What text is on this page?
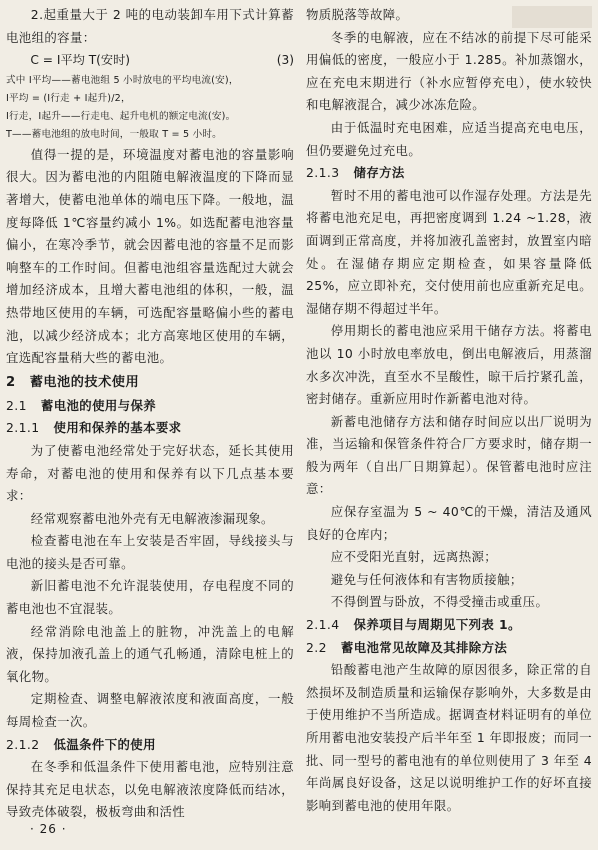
2.起重量大于 2 吨的电动装卸车用下式计算蓄电池组的容量：

C = I平均 T(安时)	(3)

式中 I平均——蓄电池组 5 小时放电的平均电流(安)，

I平均 = (I行走 + I起升)/2，

I行走，I起升——行走电、起升电机的额定电流(安)。

T——蓄电池组的放电时间，一般取 T = 5 小时。

值得一提的是，环境温度对蓄电池的容量影响很大。因为蓄电池的内阻随电解液温度的下降而显著增大，使蓄电池单体的端电压下降。一般地，温度每降低 1℃容量约减小 1%。如选配蓄电池容量偏小，在寒冷季节，就会因蓄电池的容量不足而影响整车的工作时间。但蓄电池组容量选配过大就会增加经济成本，且增大蓄电池组的体积，一般，温热带地区使用的车辆，可选配容量略偏小些的蓄电池，以减少经济成本；北方高寒地区使用的车辆，宜选配容量稍大些的蓄电池。

2 蓄电池的技术使用
2.1 蓄电池的使用与保养
2.1.1 使用和保养的基本要求

为了使蓄电池经常处于完好状态，延长其使用寿命，对蓄电池的使用和保养有以下几点基本要求：

经常观察蓄电池外壳有无电解液渗漏现象。

检查蓄电池在车上安装是否牢固，导线接头与电池的接头是否可靠。

新旧蓄电池不允许混装使用，存电程度不同的蓄电池也不宜混装。

经常消除电池盖上的脏物，冲洗盖上的电解液，保持加液孔盖上的通气孔畅通，清除电桩上的氧化物。

定期检查、调整电解液浓度和液面高度，一般每周检查一次。

2.1.2 低温条件下的使用

在冬季和低温条件下使用蓄电池，应特别注意保持其充足电状态，以免电解液浓度降低而结冰，导致壳体破裂，极板弯曲和活性

物质脱落等故障。

冬季的电解液，应在不结冰的前提下尽可能采用偏低的密度，一般应小于 1.285。补加蒸馏水，应在充电末期进行（补水应暂停充电），使水较快和电解液混合，减少冰冻危险。

由于低温时充电困难，应适当提高充电电压，但仍要避免过充电。

2.1.3 储存方法

暂时不用的蓄电池可以作湿存处理。方法是先将蓄电池充足电，再把密度调到 1.24 ~1.28，液面调到正常高度，并将加液孔盖密封，放置室内暗处。在湿储存期应定期检查，如果容量降低 25%，应立即补充，交付使用前也应重新充足电。湿储存期不得超过半年。

停用期长的蓄电池应采用干储存方法。将蓄电池以 10 小时放电率放电，倒出电解液后，用蒸溜水多次冲洗，直至水不呈酸性，晾干后拧紧孔盖，密封储存。重新应用时作新蓄电池对待。

新蓄电池储存方法和储存时间应以出厂说明为准，当运输和保管条件符合厂方要求时，储存期一般为两年（自出厂日期算起）。保管蓄电池时应注意：

应保存室温为 5 ~ 40℃的干燥，清洁及通风良好的仓库内；

应不受阳光直射，远离热源；

避免与任何液体和有害物质接触；

不得倒置与卧放，不得受撞击或重压。

2.1.4 保养项目与周期见下列表 1。
2.2 蓄电池常见故障及其排除方法

铅酸蓄电池产生故障的原因很多，除正常的自然损坏及制造质量和运输保存影响外，大多数是由于使用维护不当所造成。据调查材料证明有的单位所用蓄电池安装投产后半年至 1 年即报废；而同一批、同一型号的蓄电池有的单位则使用了 3 年至 4 年尚属良好设备，这足以说明维护工作的好坏直接影响到蓄电池的使用年限。

· 26 ·
